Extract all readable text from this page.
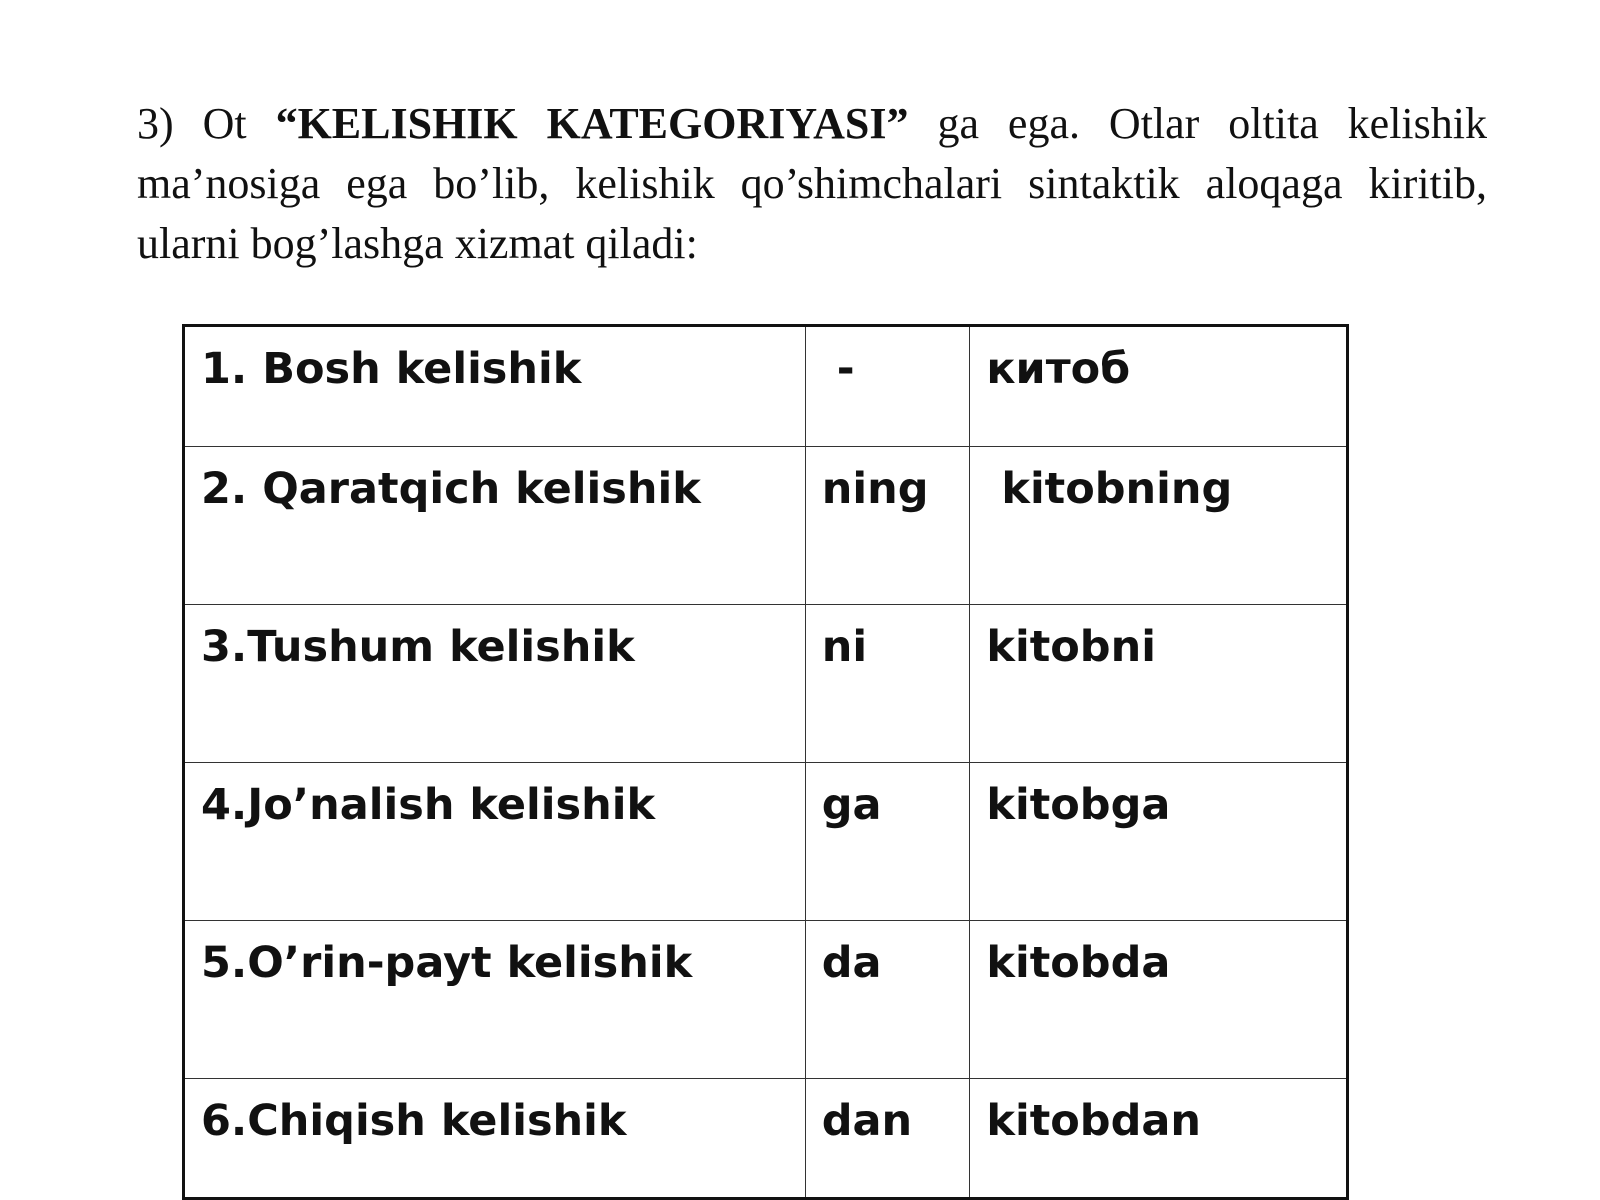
3) Ot “KELISHIK KATEGORIYASI” ga ega. Otlar oltita kelishik ma’nosiga ega bo’lib, kelishik qo’shimchalari sintaktik aloqaga kiritib, ularni bog’lashga xizmat qiladi:

1. Bosh kelishik	-	китоб
2. Qaratqich kelishik	ning	kitobning
3.Tushum kelishik	ni	kitobni
4.Jo’nalish kelishik	ga	kitobga
5.O’rin-payt kelishik	da	kitobda
6.Chiqish kelishik	dan	kitobdan
